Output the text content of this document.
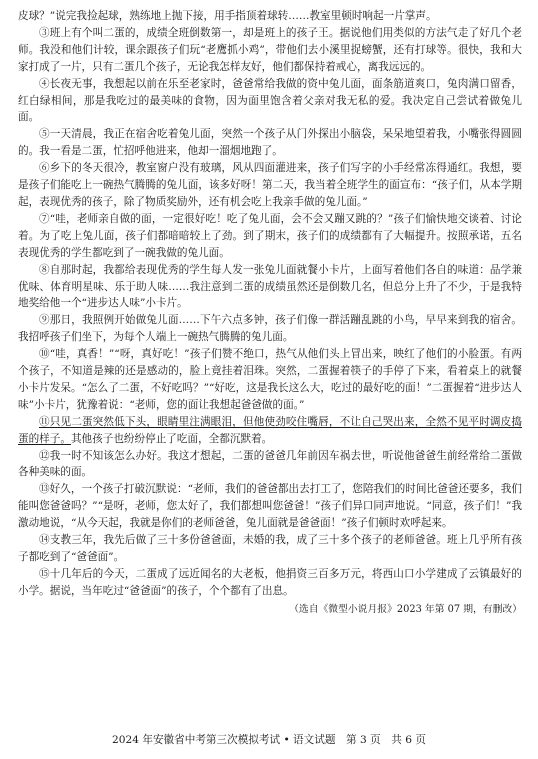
皮球？”说完我捡起球，熟练地上抛下接，用手指顶着球转……教室里顿时响起一片掌声。

③班上有个叫二蛋的，成绩全班倒数第一，却是班上的孩子王。据说他们用类似的方法气走了好几个老师。我没和他们计较，课余跟孩子们玩“老鹰抓小鸡”，带他们去小溪里捉螃蟹，还有打球等。很快，我和大家打成了一片，只有二蛋几个孩子，无论我怎样友好，他们都保持着戒心，离我远远的。

④长夜无事，我想起以前在乐至老家时，爸爸常给我做的资中兔儿面，面条筋道爽口，兔肉满口留香，红白绿相间，那是我吃过的最美味的食物，因为面里饱含着父亲对我无私的爱。我决定自己尝试着做兔儿面。

⑤一天清晨，我正在宿舍吃着兔儿面，突然一个孩子从门外探出小脑袋，呆呆地望着我，小嘴张得圆圆的。我一看是二蛋，忙招呼他进来，他却一溜烟地跑了。

⑥乡下的冬天很冷，教室窗户没有玻璃，风从四面灌进来，孩子们写字的小手经常冻得通红。我想，要是孩子们能吃上一碗热气腾腾的兔儿面，该多好呀！第二天，我当着全班学生的面宣布：“孩子们，从本学期起，表现优秀的孩子，除了物质奖励外，还有机会吃上我亲手做的兔儿面。”

⑦“哇，老师亲自做的面，一定很好吃！吃了兔儿面，会不会又蹦又跳的？”孩子们愉快地交谈着、讨论着。为了吃上兔儿面，孩子们都暗暗较上了劲。到了期末，孩子们的成绩都有了大幅提升。按照承诺，五名表现优秀的学生都吃到了一碗我做的兔儿面。

⑧自那时起，我都给表现优秀的学生每人发一张兔儿面就餐小卡片，上面写着他们各自的味道：品学兼优味、体育明星味、乐于助人味……我注意到二蛋的成绩虽然还是倒数几名，但总分上升了不少，于是我特地奖给他一个“进步达人味”小卡片。

⑨那日，我照例开始做兔儿面……下午六点多钟，孩子们像一群活蹦乱跳的小鸟，早早来到我的宿舍。我招呼孩子们坐下，为每个人端上一碗热气腾腾的兔儿面。

⑩“哇，真香！”“呀，真好吃！”孩子们赞不绝口，热气从他们头上冒出来，映红了他们的小脸蛋。有两个孩子，不知道是辣的还是感动的，脸上竟挂着泪珠。突然，二蛋握着筷子的手停了下来，看着桌上的就餐小卡片发呆。“怎么了二蛋，不好吃吗？”“好吃，这是我长这么大，吃过的最好吃的面！”二蛋握着“进步达人味”小卡片，犹豫着说：“老师，您的面让我想起爸爸做的面。”

⑪只见二蛋突然低下头，眼睛里注满眼泪，但他使劲咬住嘴唇，不让自己哭出来，全然不见平时调皮捣蛋的样子。其他孩子也纷纷停止了吃面，全都沉默着。

⑫我一时不知该怎么办好。我这才想起，二蛋的爸爸几年前因车祸去世，听说他爸爸生前经常给二蛋做各种美味的面。

⑬好久，一个孩子打破沉默说：“老师，我们的爸爸都出去打工了，您陪我们的时间比爸爸还要多，我们能叫您爸爸吗？”“是呀，老师，您太好了，我们都想叫您爸爸！”孩子们异口同声地说。“同意，孩子们！”我激动地说，“从今天起，我就是你们的老师爸爸，兔儿面就是爸爸面！”孩子们顿时欢呼起来。

⑭支教三年，我先后做了三十多份爸爸面，未婚的我，成了三十多个孩子的老师爸爸。班上几乎所有孩子都吃到了“爸爸面”。

⑮十几年后的今天，二蛋成了远近闻名的大老板，他捐资三百多万元，将西山口小学建成了云镇最好的小学。据说，当年吃过“爸爸面”的孩子，个个都有了出息。

（选自《微型小说月报》2023 年第 07 期，有删改）

2024 年安徽省中考第三次模拟考试 • 语文试题　第 3 页　共 6 页
